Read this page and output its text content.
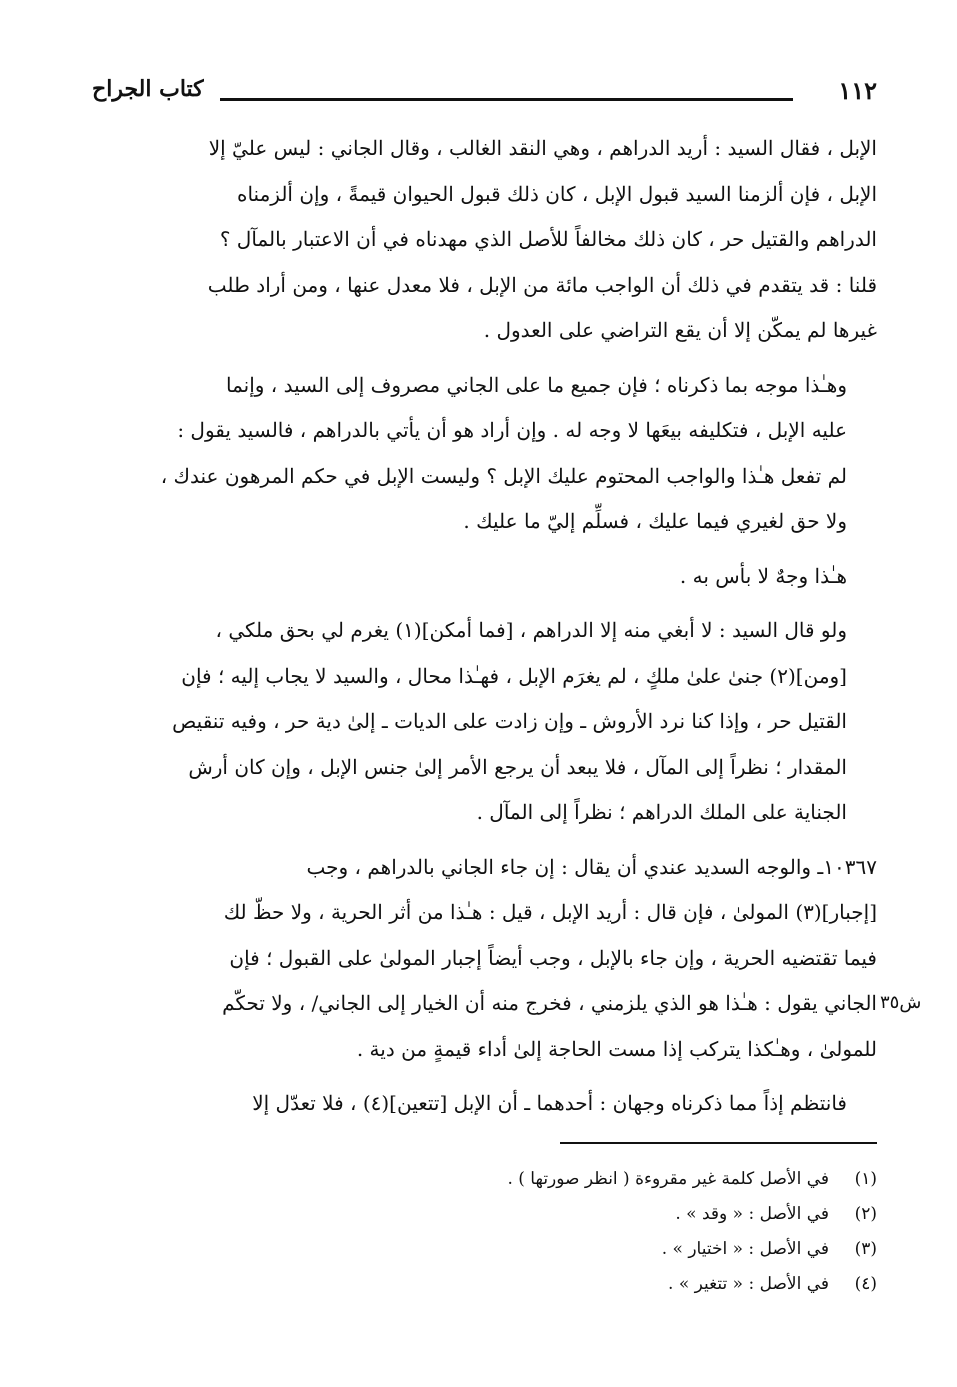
كتاب الجراح	١١٢

الإبل ، فقال السيد : أريد الدراهم ، وهي النقد الغالب ، وقال الجاني : ليس عليّ إلا
الإبل ، فإن ألزمنا السيد قبول الإبل ، كان ذلك قبول الحيوان قيمةً ، وإن ألزمناه
الدراهم والقتيل حر ، كان ذلك مخالفاً للأصل الذي مهدناه في أن الاعتبار بالمآل ؟
قلنا : قد يتقدم في ذلك أن الواجب مائة من الإبل ، فلا معدل عنها ، ومن أراد طلب
غيرها لم يمكّن إلا أن يقع التراضي على العدول .

وهـٰذا موجه بما ذكرناه ؛ فإن جميع ما على الجاني مصروف إلى السيد ، وإنما
عليه الإبل ، فتكليفه بيعَها لا وجه له . وإن أراد هو أن يأتي بالدراهم ، فالسيد يقول :
لم تفعل هـٰذا والواجب المحتوم عليك الإبل ؟ وليست الإبل في حكم المرهون عندك ،
ولا حق لغيري فيما عليك ، فسلِّم إليّ ما عليك .

هـٰذا وجهٌ لا بأس به .

ولو قال السيد : لا أبغي منه إلا الدراهم ، [فما أمكن](١) يغرم لي بحق ملكي ،
[ومن](٢) جنىٰ علىٰ ملكٍ ، لم يغرَم الإبل ، فهـٰذا محال ، والسيد لا يجاب إليه ؛ فإن
القتيل حر ، وإذا كنا نرد الأروش ـ وإن زادت على الديات ـ إلىٰ دية حر ، وفيه تنقيص
المقدار ؛ نظراً إلى المآل ، فلا يبعد أن يرجع الأمر إلىٰ جنس الإبل ، وإن كان أرش
الجناية على الملك الدراهم ؛ نظراً إلى المآل .

١٠٣٦٧ـ والوجه السديد عندي أن يقال : إن جاء الجاني بالدراهم ، وجب
[إجبار](٣) المولىٰ ، فإن قال : أريد الإبل ، قيل : هـٰذا من أثر الحرية ، ولا حظّ لك
فيما تقتضيه الحرية ، وإن جاء بالإبل ، وجب أيضاً إجبار المولىٰ على القبول ؛ فإن
الجاني يقول : هـٰذا هو الذي يلزمني ، فخرج منه أن الخيار إلى الجاني/ ، ولا تحكّم
للمولىٰ ، وهـٰكذا يتركب إذا مست الحاجة إلىٰ أداء قيمةٍ من دية .

فانتظم إذاً مما ذكرناه وجهان : أحدهما ـ أن الإبل [تتعين](٤) ، فلا تعدّل إلا

ش٣٥
(١)
في الأصل كلمة غير مقروءة ( انظر صورتها ) .
(٢)
في الأصل : « وقد » .
(٣)
في الأصل : « اختيار » .
(٤)
في الأصل : « تتغير » .
